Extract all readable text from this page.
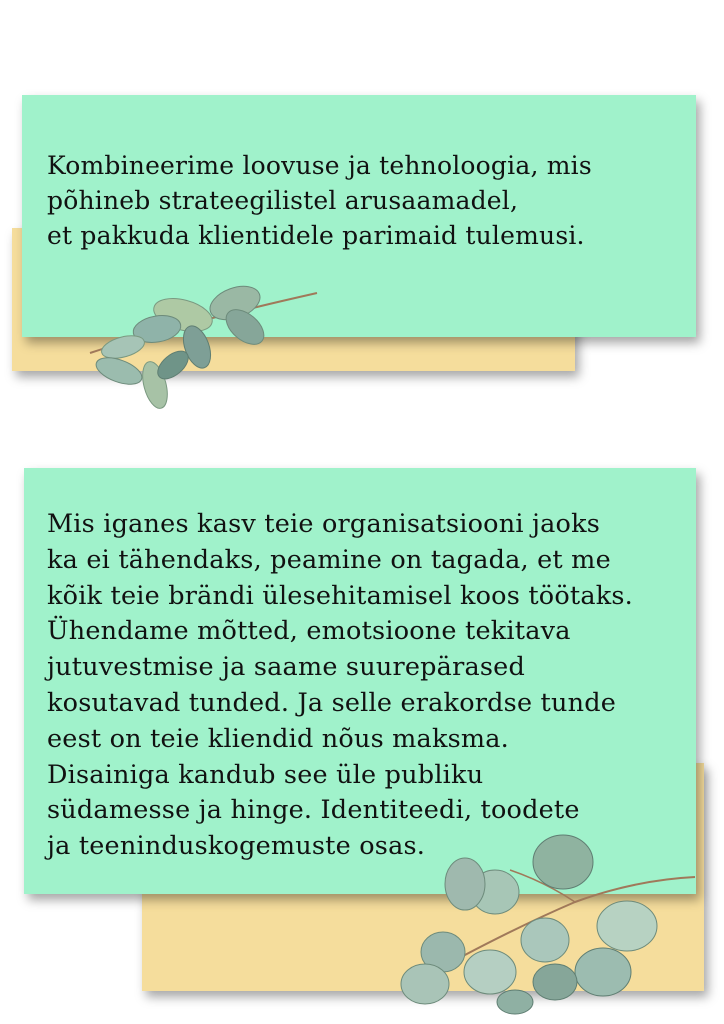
Kombineerime loovuse ja tehnoloogia, mis
põhineb strateegilistel arusaamadel,
et pakkuda klientidele parimaid tulemusi.

Mis iganes kasv teie organisatsiooni jaoks
ka ei tähendaks, peamine on tagada, et me
kõik teie brändi ülesehitamisel koos töötaks.
Ühendame mõtted, emotsioone tekitava
jutuvestmise ja saame suurepärased
kosutavad tunded. Ja selle erakordse tunde
eest on teie kliendid nõus maksma.
Disainiga kandub see üle publiku
südamesse ja hinge. Identiteedi, toodete
ja teeninduskogemuste osas.
